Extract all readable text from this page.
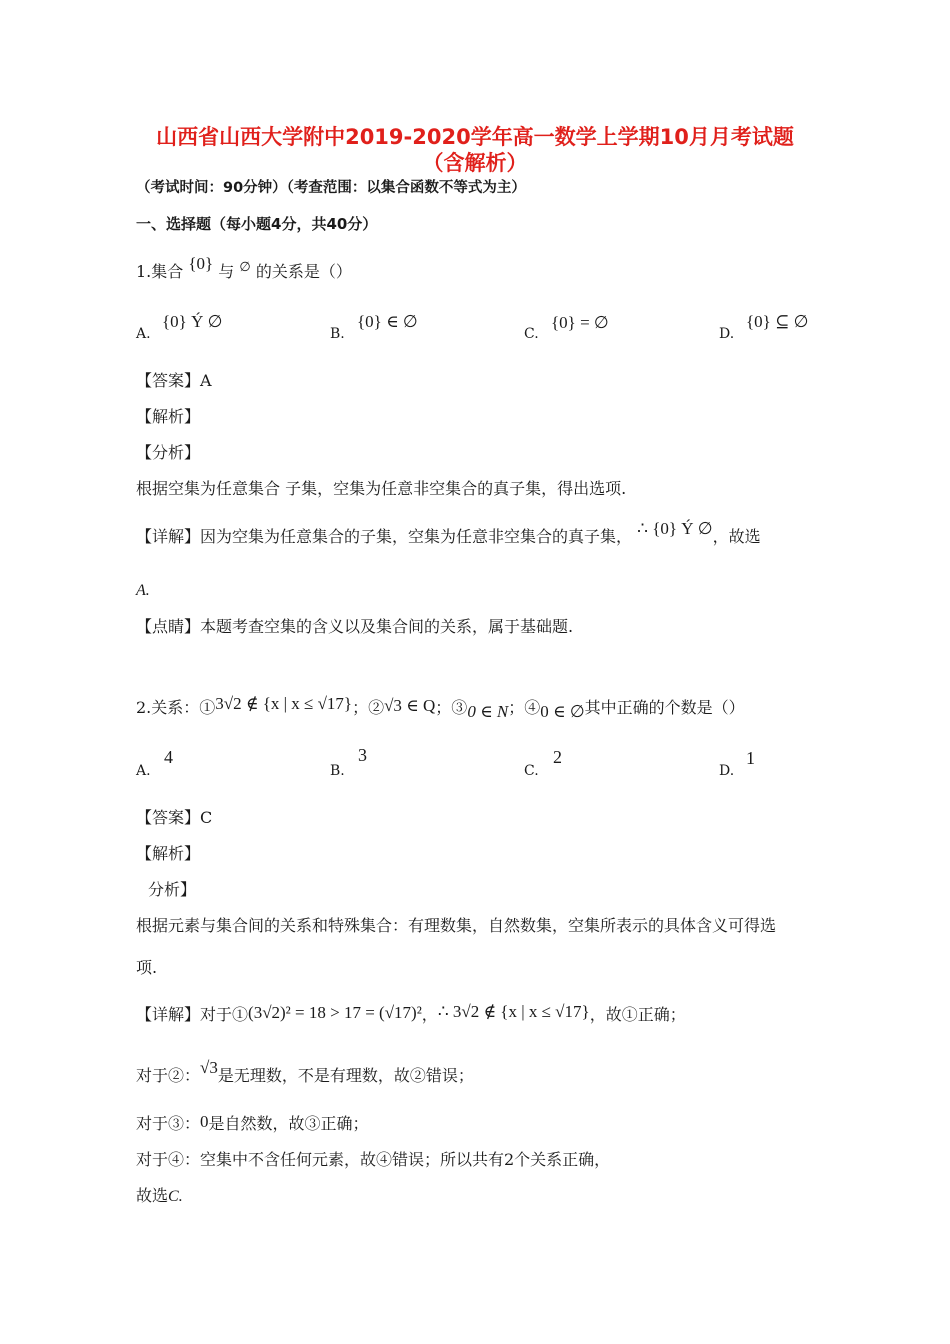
山西省山西大学附中2019-2020学年高一数学上学期10月月考试题
（含解析）
（考试时间：90分钟）（考查范围：以集合函数不等式为主）
一、选择题（每小题4分，共40分）
1.集合 {0} 与 ∅ 的关系是（）
A.
{0} Ý ∅
B.
{0} ∈ ∅
C.
{0} = ∅
D.
{0} ⊆ ∅
【答案】A
【解析】
【分析】
根据空集为任意集合 子集，空集为任意非空集合的真子集，得出选项.
【详解】因为空集为任意集合的子集，空集为任意非空集合的真子集， ∴ {0} Ý ∅，故选
A.
【点睛】本题考查空集的含义以及集合间的关系，属于基础题.
2.关系：①3√2 ∉ {x | x ≤ √17}；②√3 ∈ Q；③0 ∈ N；④0 ∈ ∅其中正确的个数是（）
A.
4
B.
3
C.
2
D.
1
【答案】C
【解析】
分析】
根据元素与集合间的关系和特殊集合：有理数集，自然数集，空集所表示的具体含义可得选
项.
【详解】对于①(3√2)² = 18 > 17 = (√17)²，∴ 3√2 ∉ {x | x ≤ √17}，故①正确；
对于②：√3是无理数，不是有理数，故②错误；
对于③：0是自然数，故③正确；
对于④：空集中不含任何元素，故④错误；所以共有2个关系正确，
故选C.
